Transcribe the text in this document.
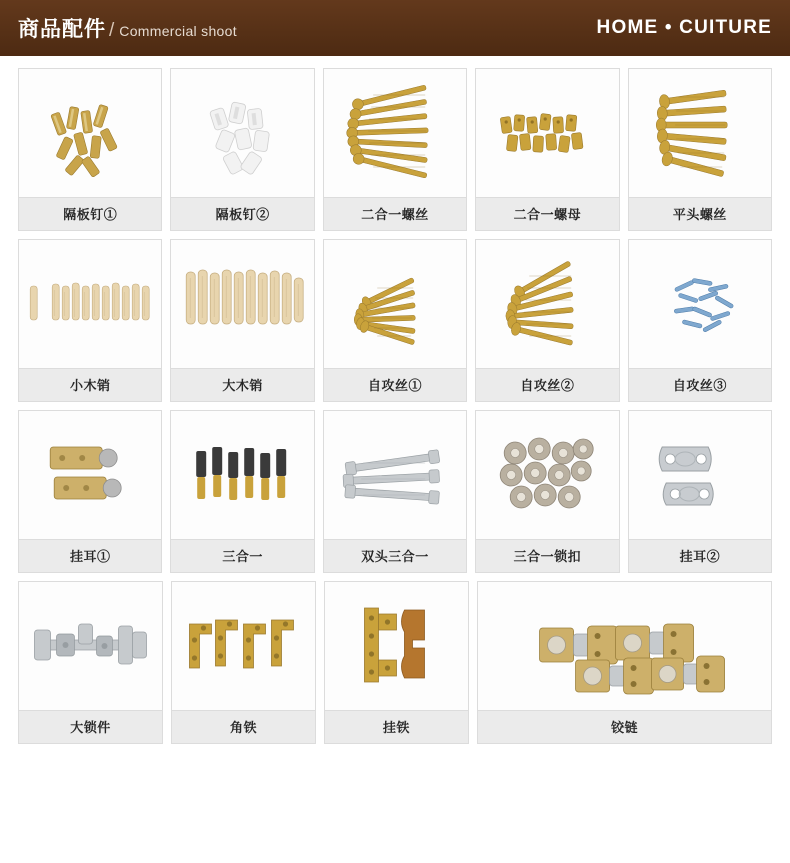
商品配件 / Commercial shoot	HOME • CUITURE
隔板钉①	隔板钉②	二合一螺丝	二合一螺母	平头螺丝
小木销	大木销	自攻丝①	自攻丝②	自攻丝③
挂耳①	三合一	双头三合一	三合一锁扣	挂耳②
大锁件	角铁	挂铁	铰链
